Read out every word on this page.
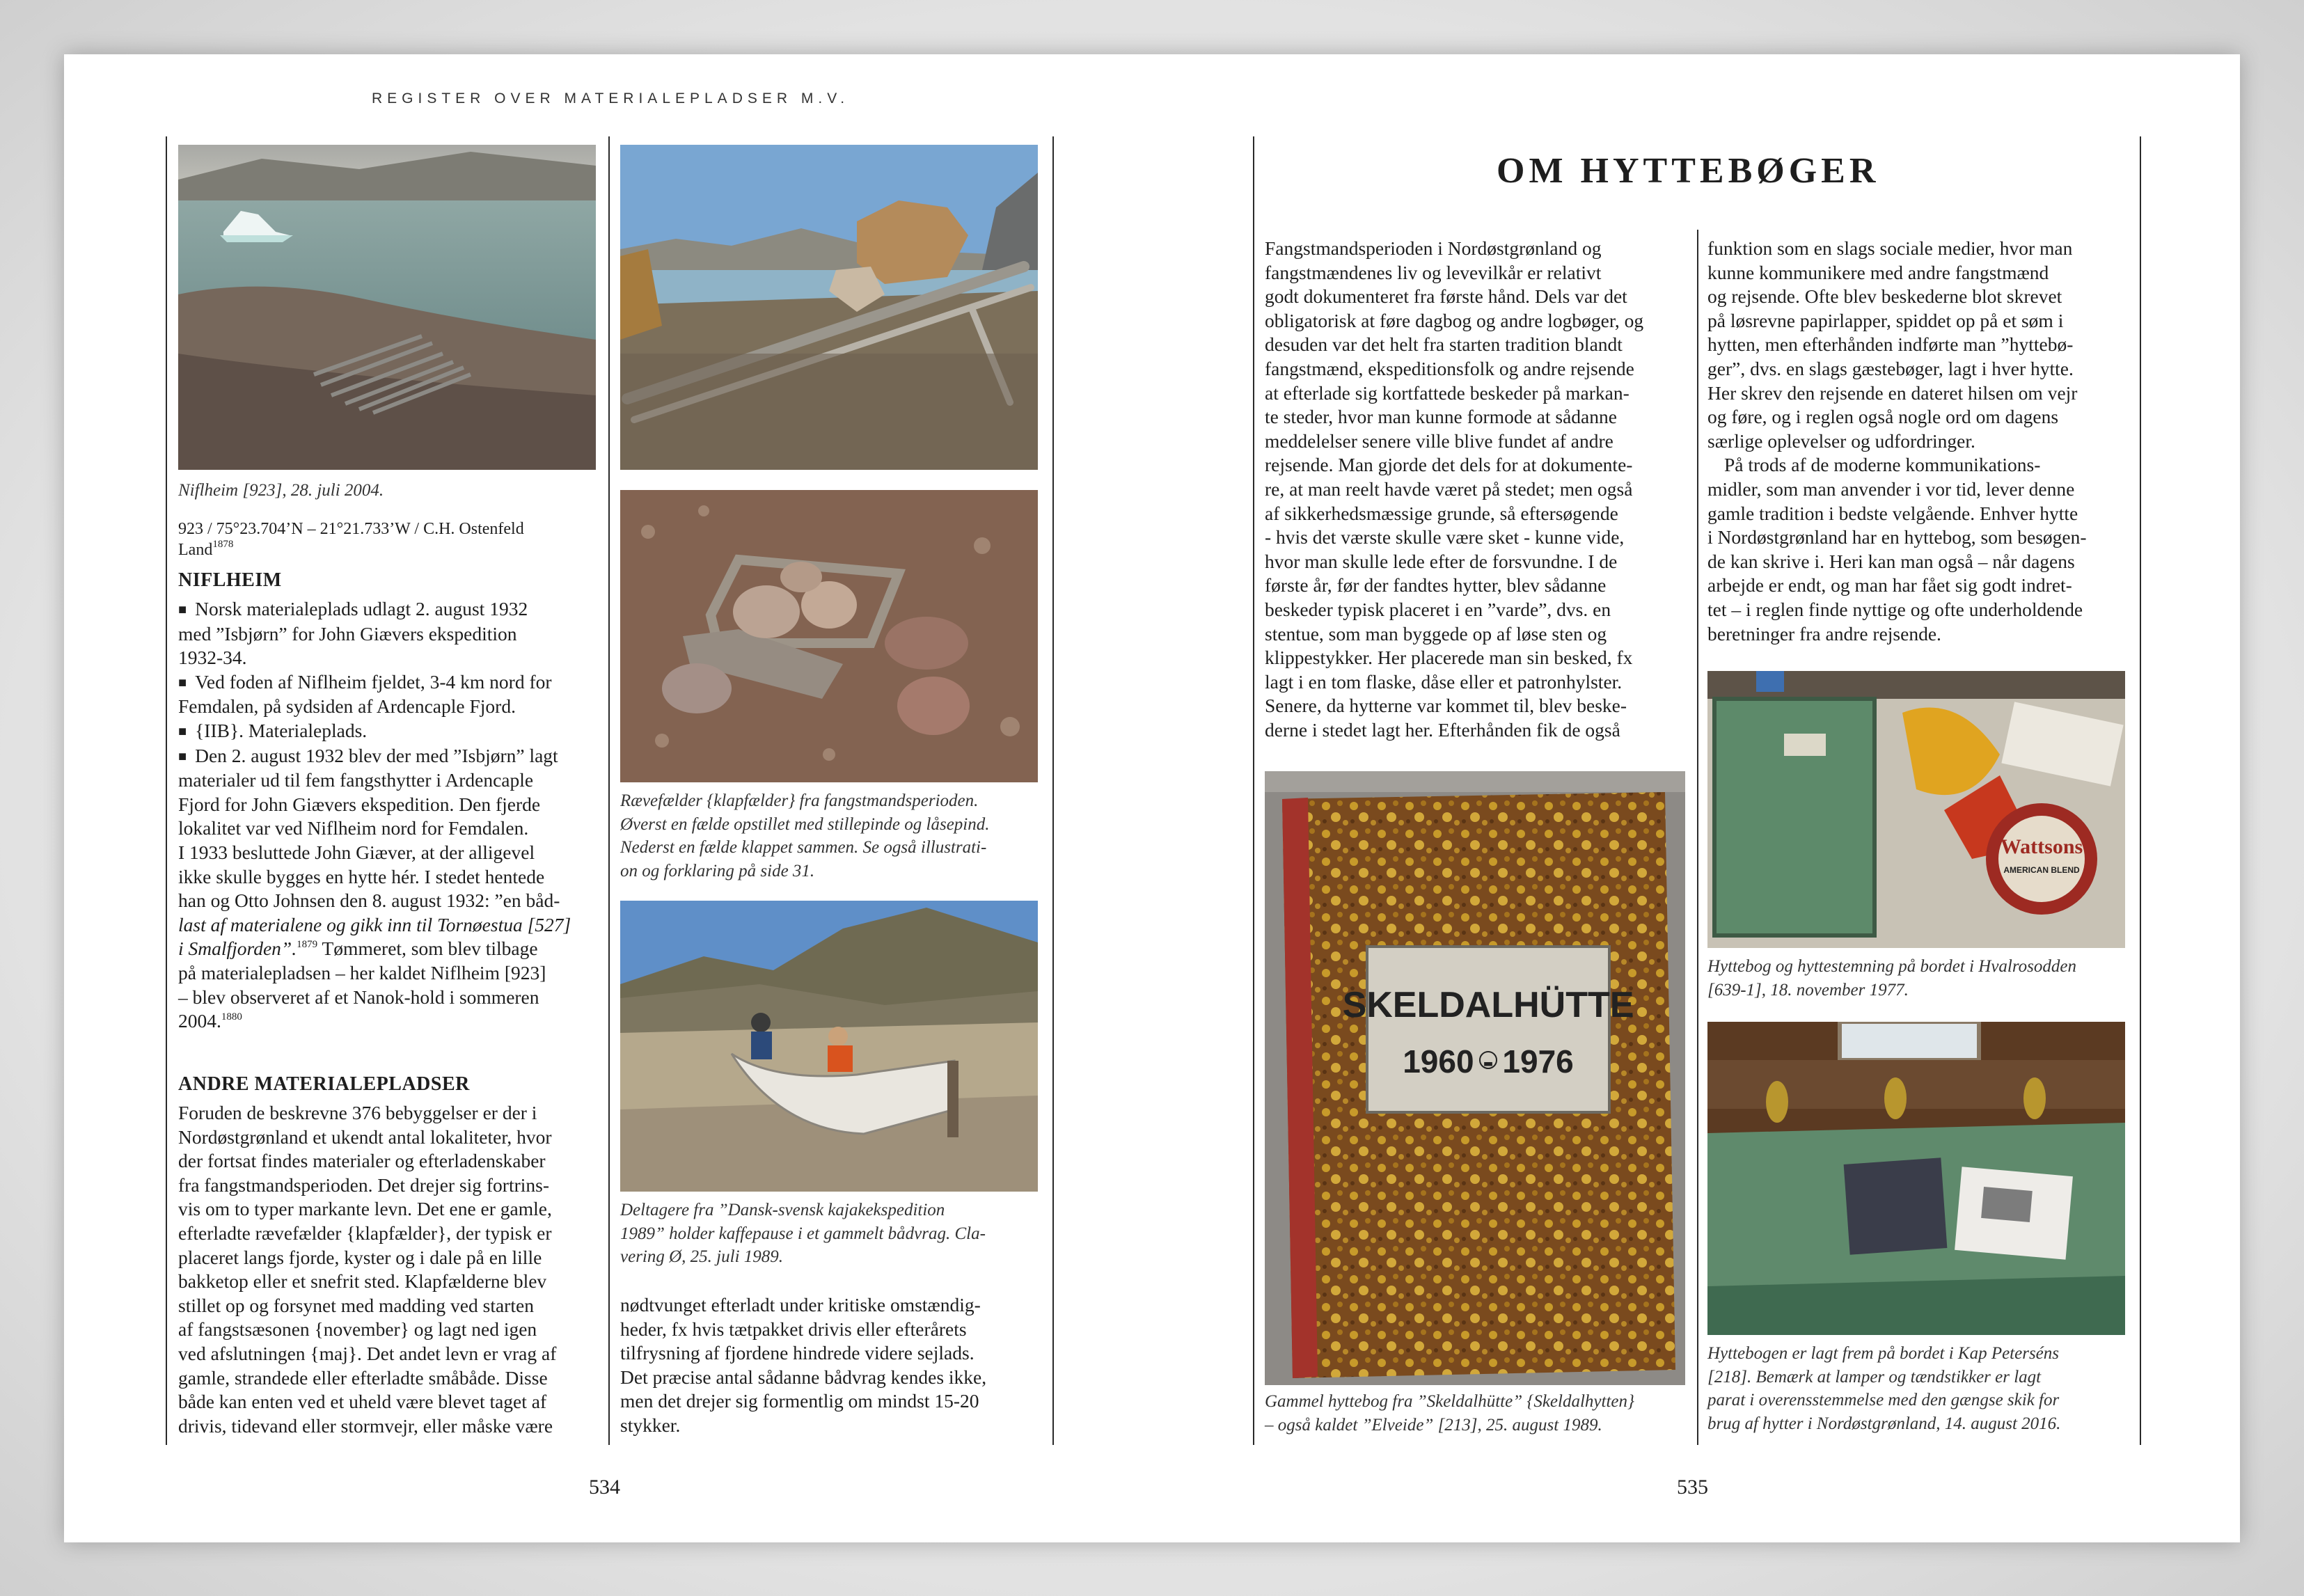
REGISTER OVER MATERIALEPLADSER M.V.
Niflheim [923], 28. juli 2004.
923 / 75°23.704’N – 21°21.733’W / C.H. Ostenfeld
Land$^{1878}$
NIFLHEIM
■ Norsk materialeplads udlagt 2. august 1932
med ”Isbjørn” for John Giævers ekspedition
1932-34.
■ Ved foden af Niflheim fjeldet, 3-4 km nord for
Femdalen, på sydsiden af Ardencaple Fjord.
■ {IIB}. Materialeplads.
■ Den 2. august 1932 blev der med ”Isbjørn” lagt
materialer ud til fem fangsthytter i Ardencaple
Fjord for John Giævers ekspedition. Den fjerde
lokalitet var ved Niflheim nord for Femdalen.
I 1933 besluttede John Giæver, at der alligevel
ikke skulle bygges en hytte hér. I stedet hentede
han og Otto Johnsen den 8. august 1932: ”en båd-
last af materialene og gikk inn til Tornøestua [527]
i Smalfjorden”.$^{1879}$ Tømmeret, som blev tilbage
på materialepladsen – her kaldet Niflheim [923]
– blev observeret af et Nanok-hold i sommeren
2004.$^{1880}$
ANDRE MATERIALEPLADSER
Foruden de beskrevne 376 bebyggelser er der i
Nordøstgrønland et ukendt antal lokaliteter, hvor
der fortsat findes materialer og efterladenskaber
fra fangstmandsperioden. Det drejer sig fortrins-
vis om to typer markante levn. Det ene er gamle,
efterladte rævefælder {klapfælder}, der typisk er
placeret langs fjorde, kyster og i dale på en lille
bakketop eller et snefrit sted. Klapfælderne blev
stillet op og forsynet med madding ved starten
af fangstsæsonen {november} og lagt ned igen
ved afslutningen {maj}. Det andet levn er vrag af
gamle, strandede eller efterladte småbåde. Disse
både kan enten ved et uheld være blevet taget af
drivis, tidevand eller stormvejr, eller måske være
Rævefælder {klapfælder} fra fangstmandsperioden.
Øverst en fælde opstillet med stillepinde og låsepind.
Nederst en fælde klappet sammen. Se også illustrati-
on og forklaring på side 31.
Deltagere fra ”Dansk-svensk kajakekspedition
1989” holder kaffepause i et gammelt bådvrag. Cla-
vering Ø, 25. juli 1989.
nødtvunget efterladt under kritiske omstændig-
heder, fx hvis tætpakket drivis eller efterårets
tilfrysning af fjordene hindrede videre sejlads.
Det præcise antal sådanne bådvrag kendes ikke,
men det drejer sig formentlig om mindst 15-20
stykker.
534
OM HYTTEBØGER
Fangstmandsperioden i Nordøstgrønland og
fangstmændenes liv og levevilkår er relativt
godt dokumenteret fra første hånd. Dels var det
obligatorisk at føre dagbog og andre logbøger, og
desuden var det helt fra starten tradition blandt
fangstmænd, ekspeditionsfolk og andre rejsende
at efterlade sig kortfattede beskeder på markan-
te steder, hvor man kunne formode at sådanne
meddelelser senere ville blive fundet af andre
rejsende. Man gjorde det dels for at dokumente-
re, at man reelt havde været på stedet; men også
af sikkerhedsmæssige grunde, så eftersøgende
- hvis det værste skulle være sket - kunne vide,
hvor man skulle lede efter de forsvundne. I de
første år, før der fandtes hytter, blev sådanne
beskeder typisk placeret i en ”varde”, dvs. en
stentue, som man byggede op af løse sten og
klippestykker. Her placerede man sin besked, fx
lagt i en tom flaske, dåse eller et patronhylster.
Senere, da hytterne var kommet til, blev beske-
derne i stedet lagt her. Efterhånden fik de også
funktion som en slags sociale medier, hvor man
kunne kommunikere med andre fangstmænd
og rejsende. Ofte blev beskederne blot skrevet
på løsrevne papirlapper, spiddet op på et søm i
hytten, men efterhånden indførte man ”hyttebø-
ger”, dvs. en slags gæstebøger, lagt i hver hytte.
Her skrev den rejsende en dateret hilsen om vejr
og føre, og i reglen også nogle ord om dagens
særlige oplevelser og udfordringer.
På trods af de moderne kommunikations-
midler, som man anvender i vor tid, lever denne
gamle tradition i bedste velgående. Enhver hytte
i Nordøstgrønland har en hyttebog, som besøgen-
de kan skrive i. Heri kan man også – når dagens
arbejde er endt, og man har fået sig godt indret-
tet – i reglen finde nyttige og ofte underholdende
beretninger fra andre rejsende.
SKELDALHÜTTE
1960 - 1976
Gammel hyttebog fra ”Skeldalhütte” {Skeldalhytten}
– også kaldet ”Elveide” [213], 25. august 1989.
Wattsons
AMERICAN BLEND
Hyttebog og hyttestemning på bordet i Hvalrosodden
[639-1], 18. november 1977.
Hyttebogen er lagt frem på bordet i Kap Peterséns
[218]. Bemærk at lamper og tændstikker er lagt
parat i overensstemmelse med den gængse skik for
brug af hytter i Nordøstgrønland, 14. august 2016.
535
